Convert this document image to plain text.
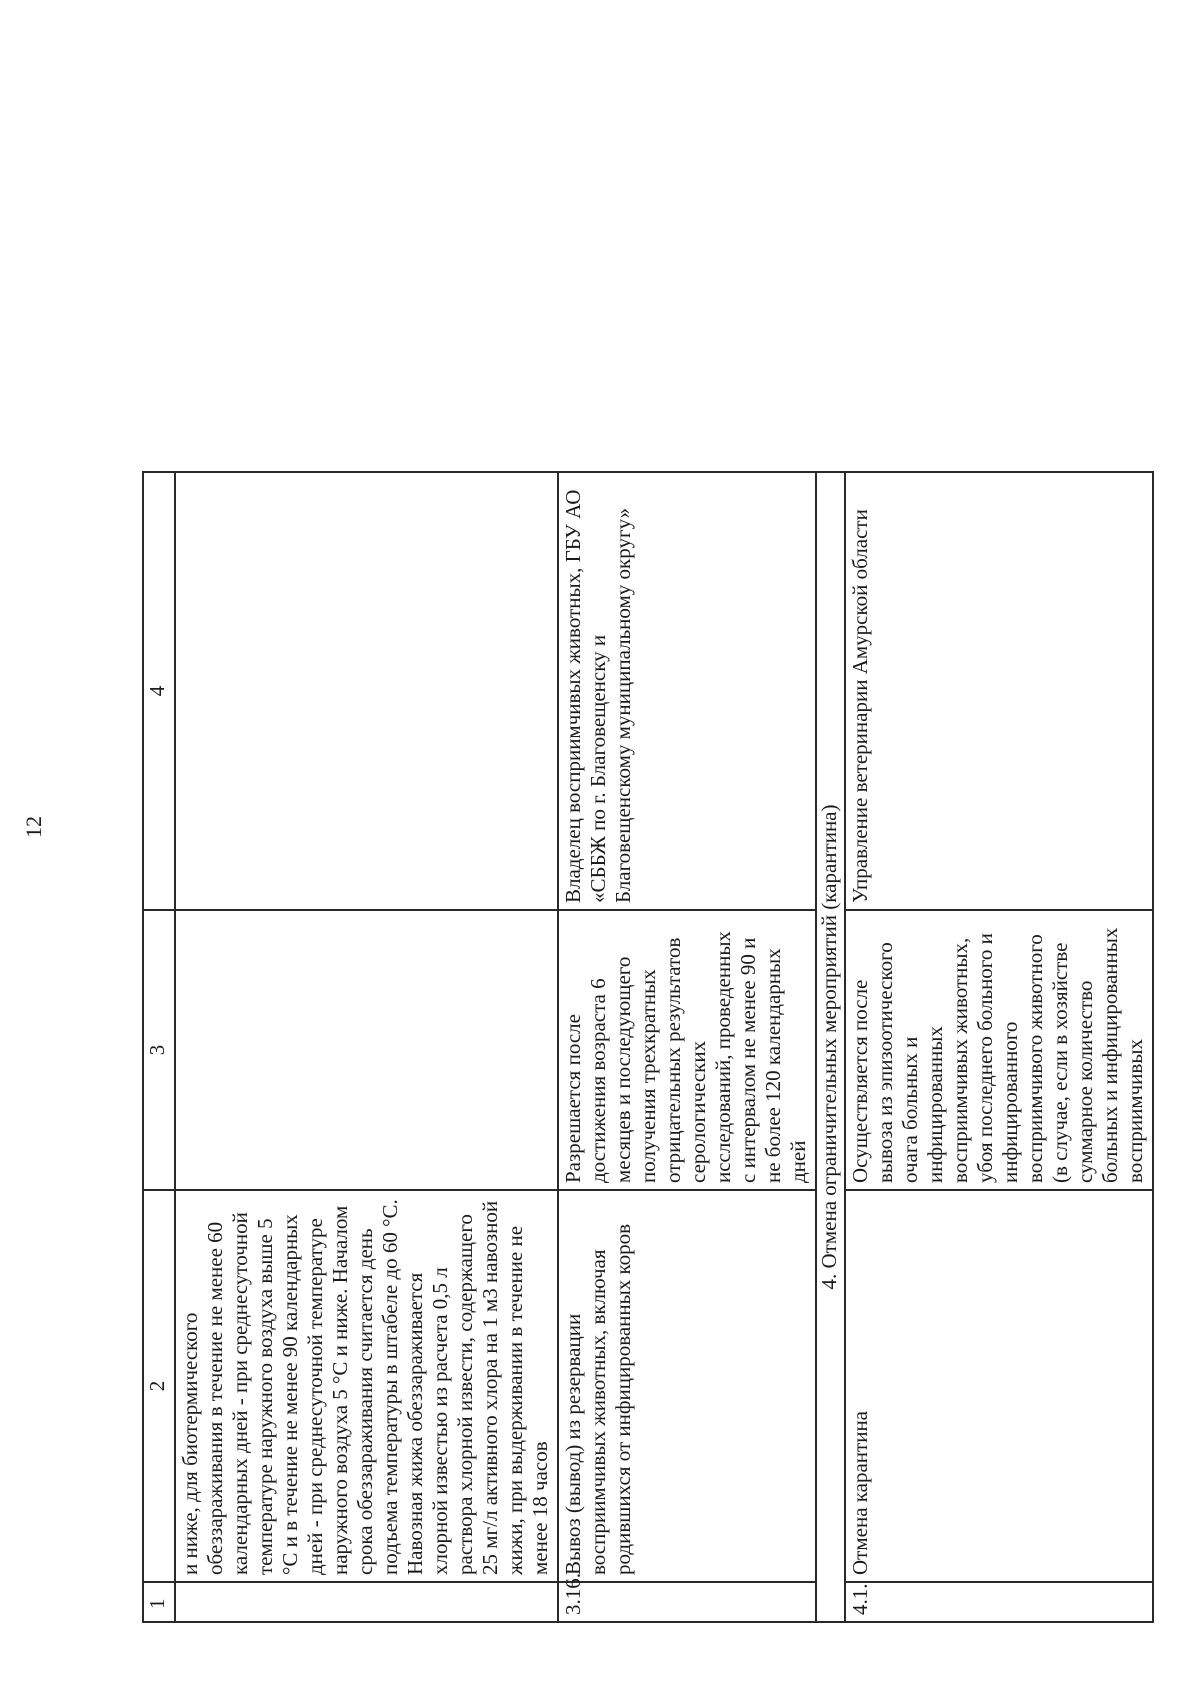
12
1	2	3	4
	и ниже, для биотермического обеззараживания в течение не менее 60 календарных дней - при среднесуточной температуре наружного воздуха выше 5 °С и в течение не менее 90 календарных дней - при среднесуточной температуре наружного воздуха 5 °С и ниже. Началом срока обеззараживания считается день подъема температуры в штабеле до 60 °С. Навозная жижа обеззараживается хлорной известью из расчета 0,5 л раствора хлорной извести, содержащего 25 мг/л активного хлора на 1 м3 навозной жижи, при выдерживании в течение не менее 18 часов		
3.16.	Вывоз (вывод) из резервации восприимчивых животных, включая родившихся от инфицированных коров	Разрешается после достижения возраста 6 месяцев и последующего получения трехкратных отрицательных результатов серологических исследований, проведенных с интервалом не менее 90 и не более 120 календарных дней	Владелец восприимчивых животных, ГБУ АО «СББЖ по г. Благовещенску и Благовещенскому муниципальному округу»
4. Отмена ограничительных мероприятий (карантина)			
4.1.	Отмена карантина	Осуществляется после вывоза из эпизоотического очага больных и инфицированных восприимчивых животных, убоя последнего больного и инфицированного восприимчивого животного (в случае, если в хозяйстве суммарное количество больных и инфицированных восприимчивых	Управление ветеринарии Амурской области
